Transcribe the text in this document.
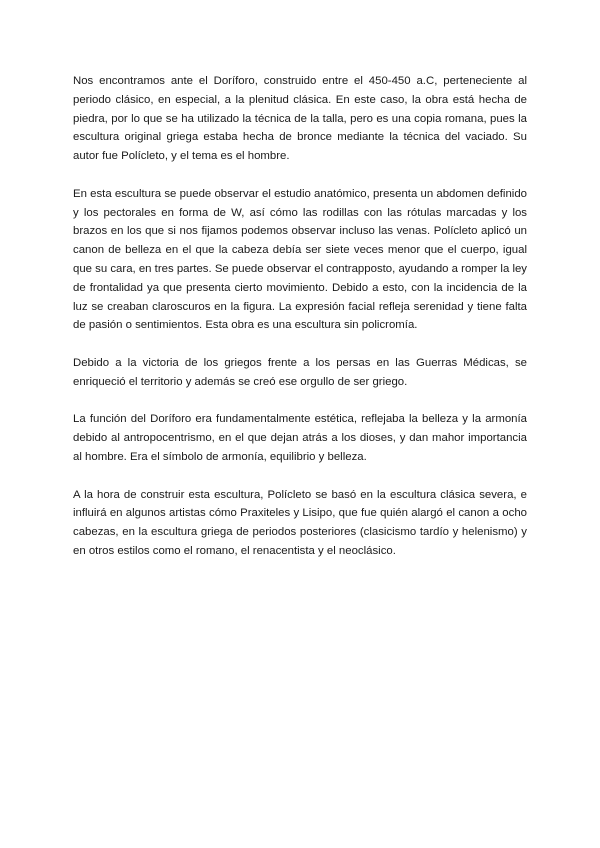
Nos encontramos ante el Doríforo, construido entre el 450-450 a.C, perteneciente al periodo clásico, en especial, a la plenitud clásica. En este caso, la obra está hecha de piedra, por lo que se ha utilizado la técnica de la talla, pero es una copia romana, pues la escultura original griega estaba hecha de bronce mediante la técnica del vaciado. Su autor fue Polícleto, y el tema es el hombre.

En esta escultura se puede observar el estudio anatómico, presenta un abdomen definido y los pectorales en forma de W, así cómo las rodillas con las rótulas marcadas y los brazos en los que si nos fijamos podemos observar incluso las venas. Polícleto aplicó un canon de belleza en el que la cabeza debía ser siete veces menor que el cuerpo, igual que su cara, en tres partes. Se puede observar el contrapposto, ayudando a romper la ley de frontalidad ya que presenta cierto movimiento. Debido a esto, con la incidencia de la luz se creaban claroscuros en la figura. La expresión facial refleja serenidad y tiene falta de pasión o sentimientos. Esta obra es una escultura sin policromía.

Debido a la victoria de los griegos frente a los persas en las Guerras Médicas, se enriqueció el territorio y además se creó ese orgullo de ser griego.

La función del Doríforo era fundamentalmente estética, reflejaba la belleza y la armonía debido al antropocentrismo, en el que dejan atrás a los dioses, y dan mahor importancia al hombre. Era el símbolo de armonía, equilibrio y belleza.

A la hora de construir esta escultura, Polícleto se basó en la escultura clásica severa, e influirá en algunos artistas cómo Praxiteles y Lisipo, que fue quién alargó el canon a ocho cabezas, en la escultura griega de periodos posteriores (clasicismo tardío y helenismo) y en otros estilos como el romano, el renacentista y el neoclásico.
